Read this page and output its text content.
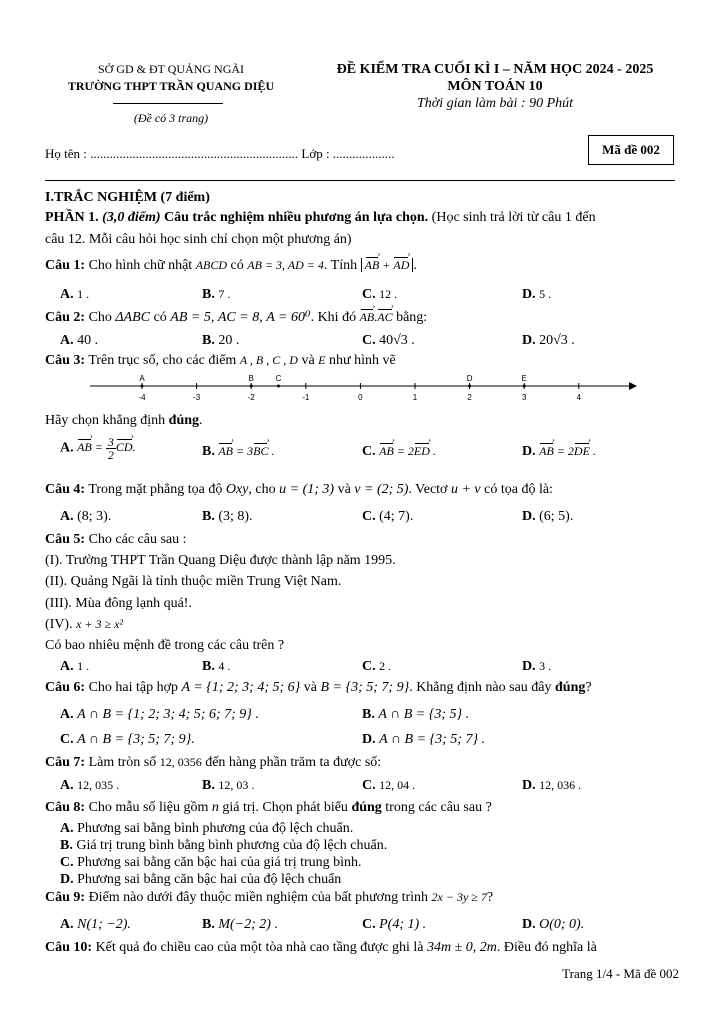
SỞ GD & ĐT QUẢNG NGÃI
TRƯỜNG THPT TRẦN QUANG DIỆU
(Đề có 3 trang)
ĐỀ KIỂM TRA CUỐI KÌ I – NĂM HỌC 2024 - 2025
MÔN TOÁN 10
Thời gian làm bài : 90 Phút
Họ tên : ................................................................ Lớp : ...................	Mã đề 002
I.TRẮC NGHIỆM (7 điểm)
PHẦN 1. (3,0 điểm) Câu trắc nghiệm nhiều phương án lựa chọn. (Học sinh trả lời từ câu 1 đến
câu 12. Mỗi câu hỏi học sinh chỉ chọn một phương án)
Câu 1: Cho hình chữ nhật ABCD có AB = 3, AD = 4. Tính AB › + AD › .
A. 1 .	B. 7 .	C. 12 .	D. 5 .
Câu 2: Cho ΔABC có AB = 5, AC = 8, A = 60⁰. Khi đó AB ›.AC › bằng:
A. 40 .	B. 20 .	C. 40√3 .	D. 20√3 .
Câu 3: Trên trục số, cho các điểm A , B , C , D và E như hình vẽ
-4	-3	-2	-1	0	1	2	3	4
A	B	C	D	E
Hãy chọn khẳng định đúng.
A. AB › = $\frac{3}{2}$ CD ›.	B. AB › = 3BC › .	C. AB › = 2ED › .	D. AB › = 2DE › .
Câu 4: Trong mặt phẳng tọa độ Oxy, cho u = (1; 3) và v = (2; 5). Vectơ u + v có tọa độ là:
A. (8; 3).	B. (3; 8).	C. (4; 7).	D. (6; 5).
Câu 5: Cho các câu sau :
(I). Trường THPT Trần Quang Diệu được thành lập năm 1995.
(II). Quảng Ngãi là tỉnh thuộc miền Trung Việt Nam.
(III). Mùa đông lạnh quá!.
(IV). x + 3 ≥ x²
Có bao nhiêu mệnh đề trong các câu trên ?
A. 1 .	B. 4 .	C. 2 .	D. 3 .
Câu 6: Cho hai tập hợp A = {1; 2; 3; 4; 5; 6} và B = {3; 5; 7; 9}. Khẳng định nào sau đây đúng?
A. A ∩ B = {1; 2; 3; 4; 5; 6; 7; 9} .	B. A ∩ B = {3; 5} .
C. A ∩ B = {3; 5; 7; 9}.	D. A ∩ B = {3; 5; 7} .
Câu 7: Làm tròn số 12, 0356 đến hàng phần trăm ta được số:
A. 12, 035 .	B. 12, 03 .	C. 12, 04 .	D. 12, 036 .
Câu 8: Cho mẫu số liệu gồm n giá trị. Chọn phát biểu đúng trong các câu sau ?
A. Phương sai bằng bình phương của độ lệch chuẩn.
B. Giá trị trung bình bằng bình phương của độ lệch chuẩn.
C. Phương sai bằng căn bậc hai của giá trị trung bình.
D. Phương sai bằng căn bậc hai của độ lệch chuẩn
Câu 9: Điểm nào dưới đây thuộc miền nghiệm của bất phương trình 2x − 3y ≥ 7?
A. N(1; −2).	B. M(−2; 2) .	C. P(4; 1) .	D. O(0; 0).
Câu 10: Kết quả đo chiều cao của một tòa nhà cao tầng được ghi là 34m ± 0, 2m. Điều đó nghĩa là
Trang 1/4 - Mã đề 002
